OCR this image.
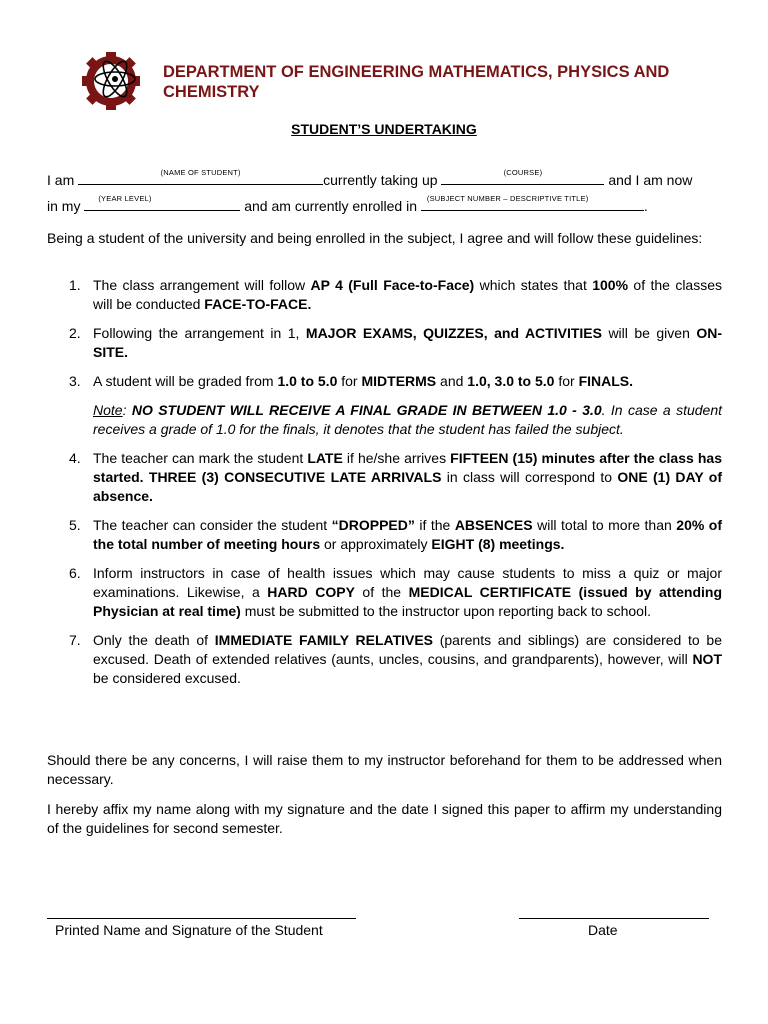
DEPARTMENT OF ENGINEERING MATHEMATICS, PHYSICS AND CHEMISTRY
STUDENT’S UNDERTAKING
I am	(NAME OF STUDENT)	currently taking up	(COURSE)	and I am now
in my (YEAR LEVEL)	and am currently enrolled in (SUBJECT NUMBER – DESCRIPTIVE TITLE)	.
Being a student of the university and being enrolled in the subject, I agree and will follow these guidelines:
1. The class arrangement will follow AP 4 (Full Face-to-Face) which states that 100% of the classes will be conducted FACE-TO-FACE.
2. Following the arrangement in 1, MAJOR EXAMS, QUIZZES, and ACTIVITIES will be given ON-SITE.
3. A student will be graded from 1.0 to 5.0 for MIDTERMS and 1.0, 3.0 to 5.0 for FINALS.
Note: NO STUDENT WILL RECEIVE A FINAL GRADE IN BETWEEN 1.0 - 3.0. In case a student receives a grade of 1.0 for the finals, it denotes that the student has failed the subject.
4. The teacher can mark the student LATE if he/she arrives FIFTEEN (15) minutes after the class has started. THREE (3) CONSECUTIVE LATE ARRIVALS in class will correspond to ONE (1) DAY of absence.
5. The teacher can consider the student “DROPPED” if the ABSENCES will total to more than 20% of the total number of meeting hours or approximately EIGHT (8) meetings.
6. Inform instructors in case of health issues which may cause students to miss a quiz or major examinations. Likewise, a HARD COPY of the MEDICAL CERTIFICATE (issued by attending Physician at real time) must be submitted to the instructor upon reporting back to school.
7. Only the death of IMMEDIATE FAMILY RELATIVES (parents and siblings) are considered to be excused. Death of extended relatives (aunts, uncles, cousins, and grandparents), however, will NOT be considered excused.
Should there be any concerns, I will raise them to my instructor beforehand for them to be addressed when necessary.
I hereby affix my name along with my signature and the date I signed this paper to affirm my understanding of the guidelines for second semester.
Printed Name and Signature of the Student	Date
